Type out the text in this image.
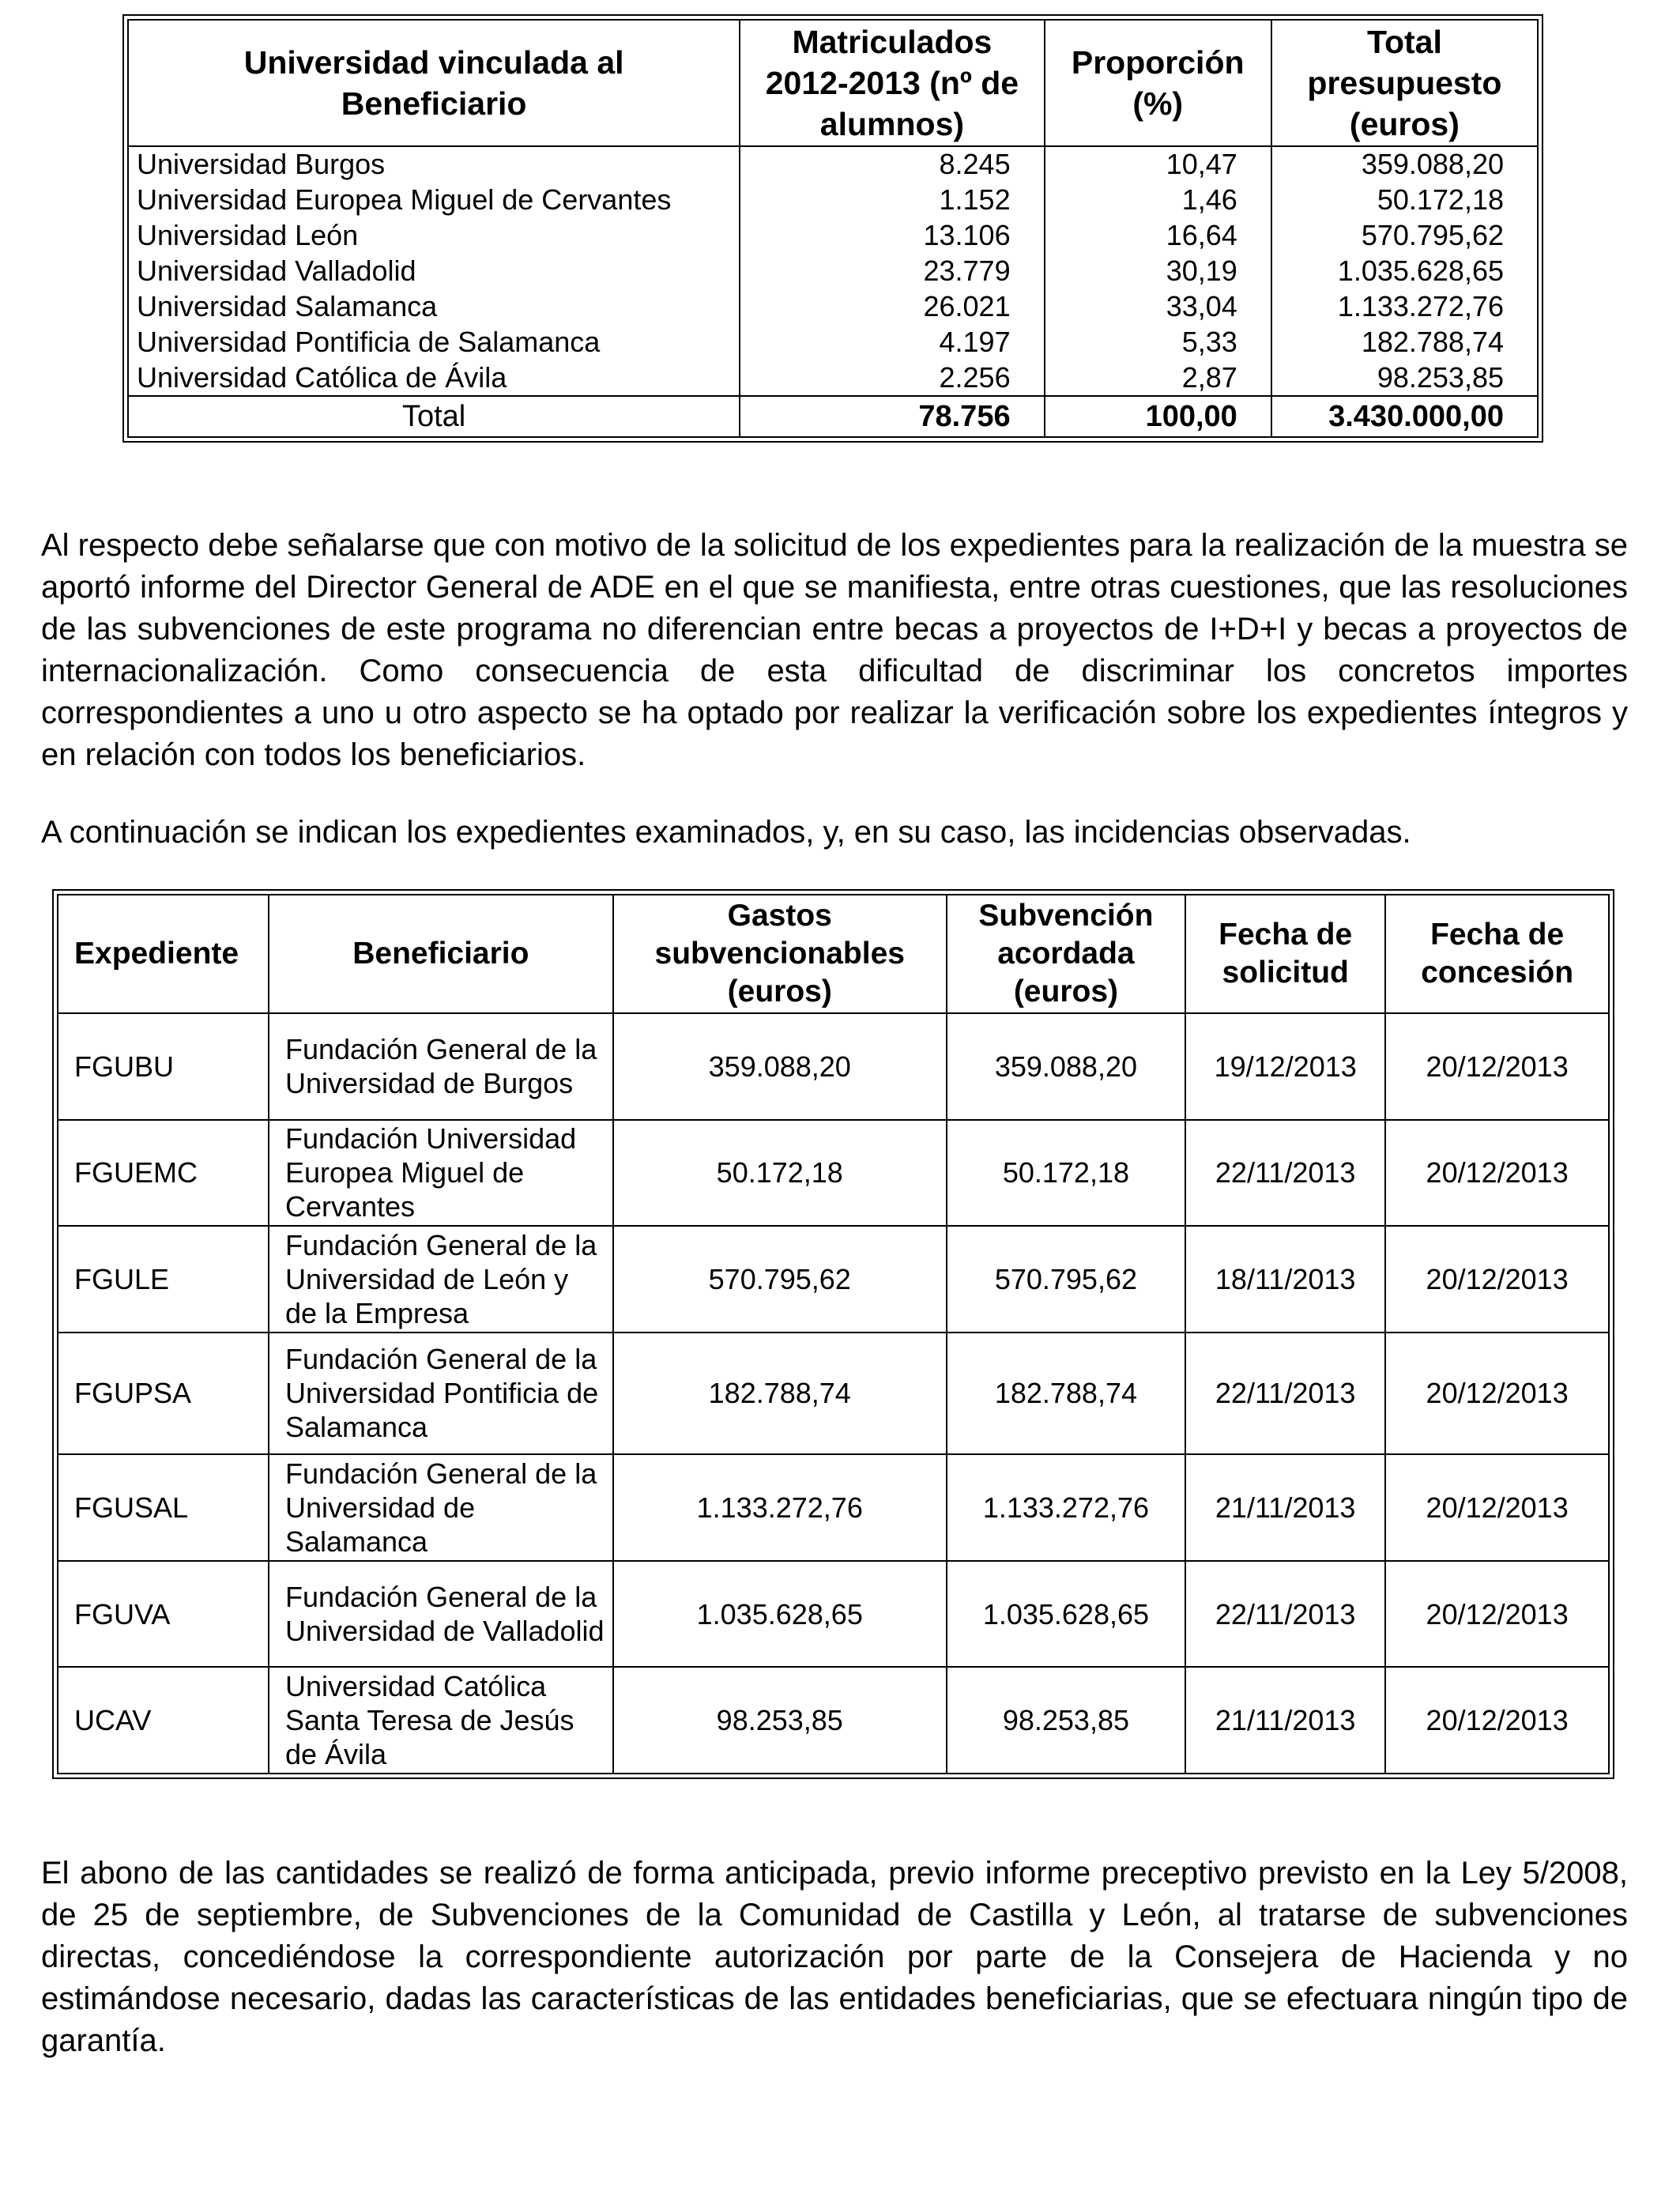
Universidad vinculada al Beneficiario	Matriculados 2012-2013 (nº de alumnos)	Proporción (%)	Total presupuesto (euros)
Universidad Burgos	8.245	10,47	359.088,20
Universidad Europea Miguel de Cervantes	1.152	1,46	50.172,18
Universidad León	13.106	16,64	570.795,62
Universidad Valladolid	23.779	30,19	1.035.628,65
Universidad Salamanca	26.021	33,04	1.133.272,76
Universidad Pontificia de Salamanca	4.197	5,33	182.788,74
Universidad Católica de Ávila	2.256	2,87	98.253,85
Total	78.756	100,00	3.430.000,00

Al respecto debe señalarse que con motivo de la solicitud de los expedientes para la realización de la muestra se aportó informe del Director General de ADE en el que se manifiesta, entre otras cuestiones, que las resoluciones de las subvenciones de este programa no diferencian entre becas a proyectos de I+D+I y becas a proyectos de internacionalización. Como consecuencia de esta dificultad de discriminar los concretos importes correspondientes a uno u otro aspecto se ha optado por realizar la verificación sobre los expedientes íntegros y en relación con todos los beneficiarios.

A continuación se indican los expedientes examinados, y, en su caso, las incidencias observadas.

Expediente	Beneficiario	Gastos subvencionables (euros)	Subvención acordada (euros)	Fecha de solicitud	Fecha de concesión
FGUBU	Fundación General de la Universidad de Burgos	359.088,20	359.088,20	19/12/2013	20/12/2013
FGUEMC	Fundación Universidad Europea Miguel de Cervantes	50.172,18	50.172,18	22/11/2013	20/12/2013
FGULE	Fundación General de la Universidad de León y de la Empresa	570.795,62	570.795,62	18/11/2013	20/12/2013
FGUPSA	Fundación General de la Universidad Pontificia de Salamanca	182.788,74	182.788,74	22/11/2013	20/12/2013
FGUSAL	Fundación General de la Universidad de Salamanca	1.133.272,76	1.133.272,76	21/11/2013	20/12/2013
FGUVA	Fundación General de la Universidad de Valladolid	1.035.628,65	1.035.628,65	22/11/2013	20/12/2013
UCAV	Universidad Católica Santa Teresa de Jesús de Ávila	98.253,85	98.253,85	21/11/2013	20/12/2013

El abono de las cantidades se realizó de forma anticipada, previo informe preceptivo previsto en la Ley 5/2008, de 25 de septiembre, de Subvenciones de la Comunidad de Castilla y León, al tratarse de subvenciones directas, concediéndose la correspondiente autorización por parte de la Consejera de Hacienda y no estimándose necesario, dadas las características de las entidades beneficiarias, que se efectuara ningún tipo de garantía.
